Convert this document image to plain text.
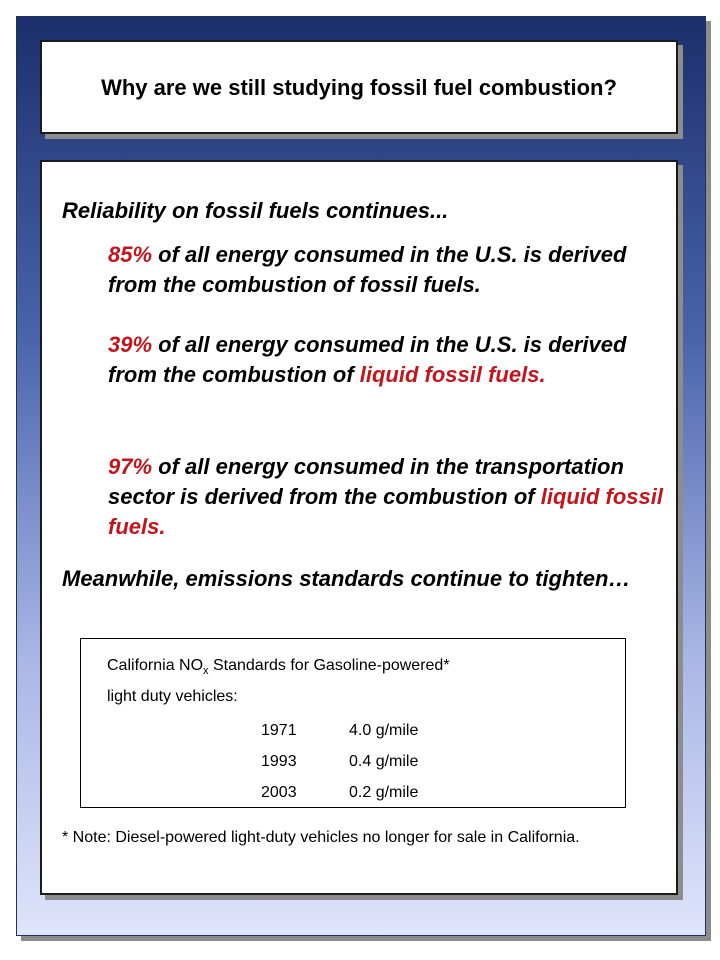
Why are we still studying fossil fuel combustion?
Reliability on fossil fuels continues...
85% of all energy consumed in the U.S. is derived from the combustion of fossil fuels.
39% of all energy consumed in the U.S. is derived from the combustion of liquid fossil fuels.
97% of all energy consumed in the transportation sector is derived from the combustion of liquid fossil fuels.
Meanwhile, emissions standards continue to tighten…
California $NO_x$ Standards for Gasoline-powered*
light duty vehicles:
1971	4.0 g/mile
1993	0.4 g/mile
2003	0.2 g/mile
* Note: Diesel-powered light-duty vehicles no longer for sale in California.
